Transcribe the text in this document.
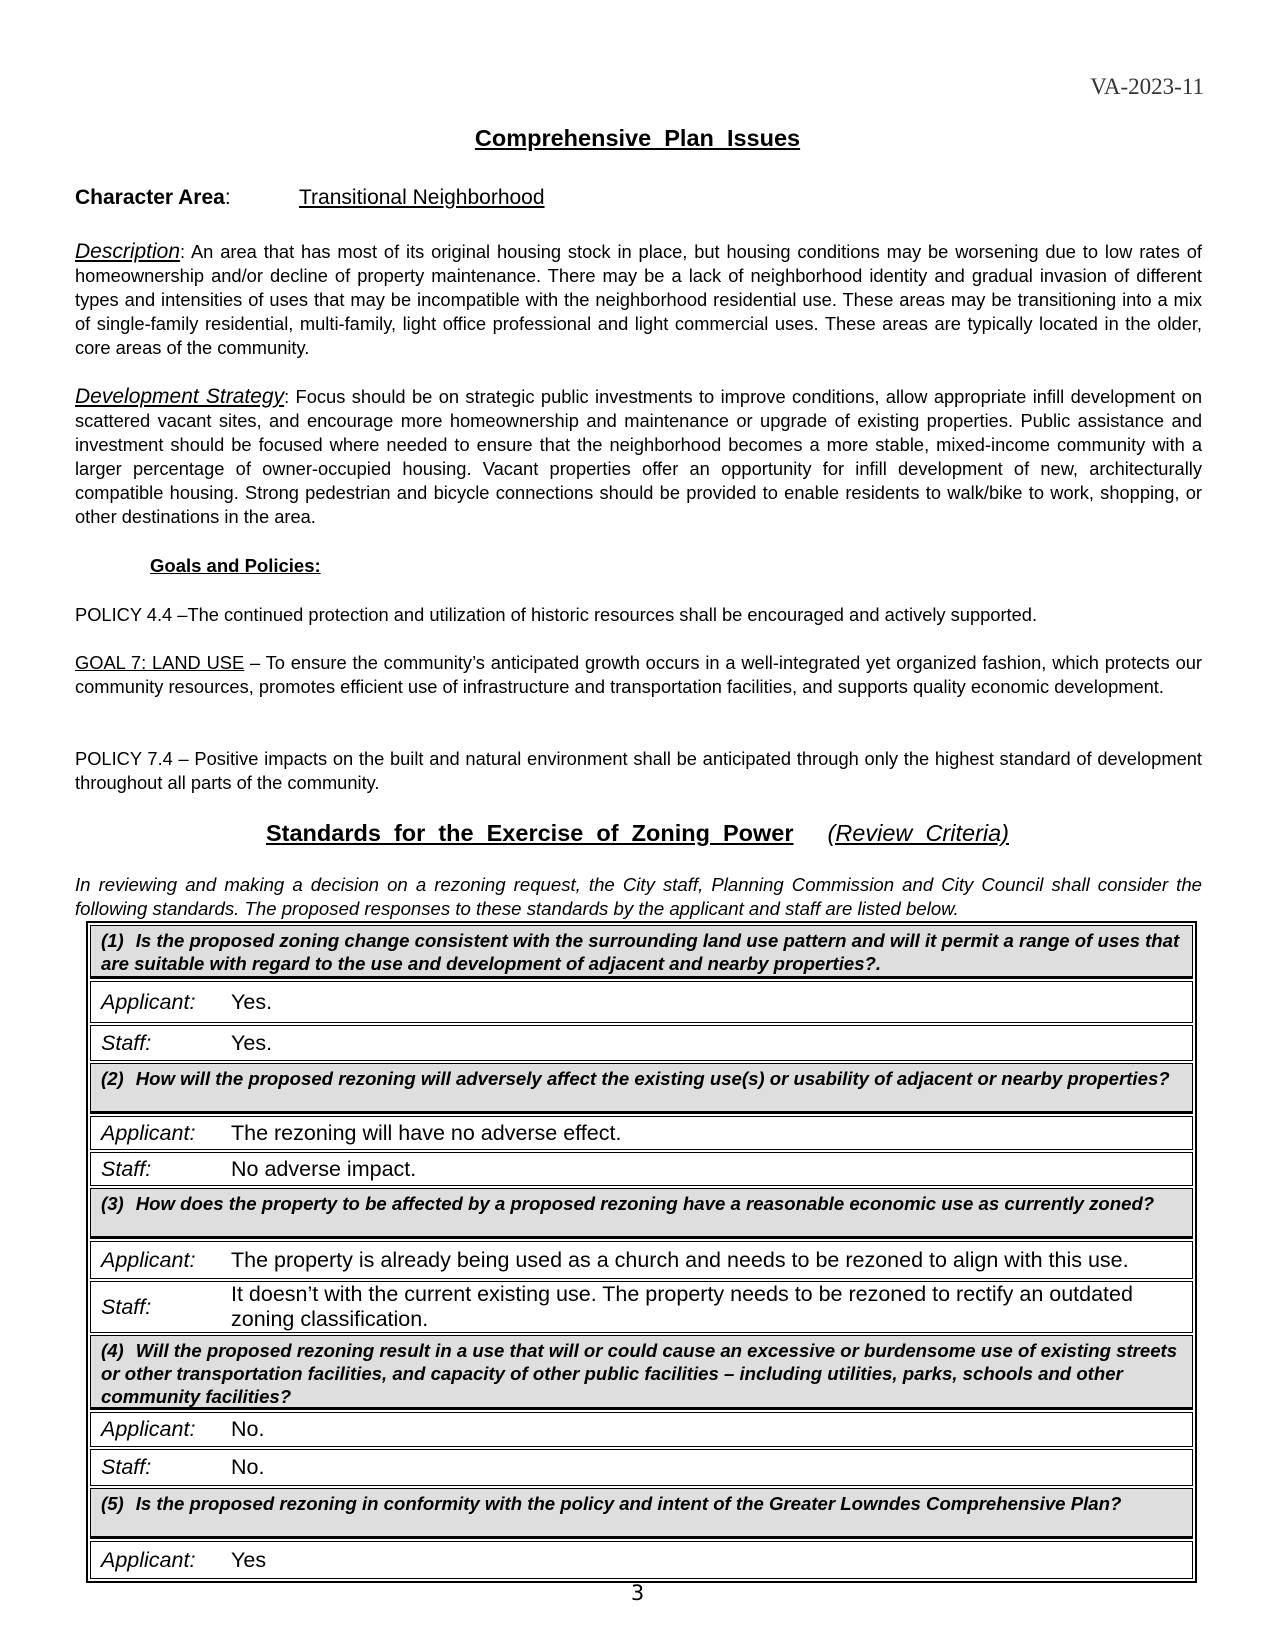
VA-2023-11
Comprehensive  Plan  Issues
Character Area:	Transitional Neighborhood
Description: An area that has most of its original housing stock in place, but housing conditions may be worsening due to low rates of homeownership and/or decline of property maintenance. There may be a lack of neighborhood identity and gradual invasion of different types and intensities of uses that may be incompatible with the neighborhood residential use. These areas may be transitioning into a mix of single-family residential, multi-family, light office professional and light commercial uses. These areas are typically located in the older, core areas of the community.
Development Strategy: Focus should be on strategic public investments to improve conditions, allow appropriate infill development on scattered vacant sites, and encourage more homeownership and maintenance or upgrade of existing properties. Public assistance and investment should be focused where needed to ensure that the neighborhood becomes a more stable, mixed-income community with a larger percentage of owner-occupied housing. Vacant properties offer an opportunity for infill development of new, architecturally compatible housing. Strong pedestrian and bicycle connections should be provided to enable residents to walk/bike to work, shopping, or other destinations in the area.
Goals and Policies:
POLICY 4.4 –The continued protection and utilization of historic resources shall be encouraged and actively supported.
GOAL 7: LAND USE – To ensure the community’s anticipated growth occurs in a well-integrated yet organized fashion, which protects our community resources, promotes efficient use of infrastructure and transportation facilities, and supports quality economic development.
POLICY 7.4 – Positive impacts on the built and natural environment shall be anticipated through only the highest standard of development throughout all parts of the community.
Standards  for  the  Exercise  of  Zoning  Power (Review  Criteria)
In reviewing and making a decision on a rezoning request, the City staff, Planning Commission and City Council shall consider the following standards. The proposed responses to these standards by the applicant and staff are listed below.
(1) Is the proposed zoning change consistent with the surrounding land use pattern and will it permit a range of uses that are suitable with regard to the use and development of adjacent and nearby properties?.
Applicant:	Yes.
Staff:	Yes.
(2) How will the proposed rezoning will adversely affect the existing use(s) or usability of adjacent or nearby properties?
Applicant:	The rezoning will have no adverse effect.
Staff:	No adverse impact.
(3) How does the property to be affected by a proposed rezoning have a reasonable economic use as currently zoned?
Applicant:	The property is already being used as a church and needs to be rezoned to align with this use.
Staff:
It doesn’t with the current existing use. The property needs to be rezoned to rectify an outdated zoning classification.
(4) Will the proposed rezoning result in a use that will or could cause an excessive or burdensome use of existing streets or other transportation facilities, and capacity of other public facilities – including utilities, parks, schools and other community facilities?
Applicant:	No.
Staff:	No.
(5) Is the proposed rezoning in conformity with the policy and intent of the Greater Lowndes Comprehensive Plan?
Applicant:	Yes
3
